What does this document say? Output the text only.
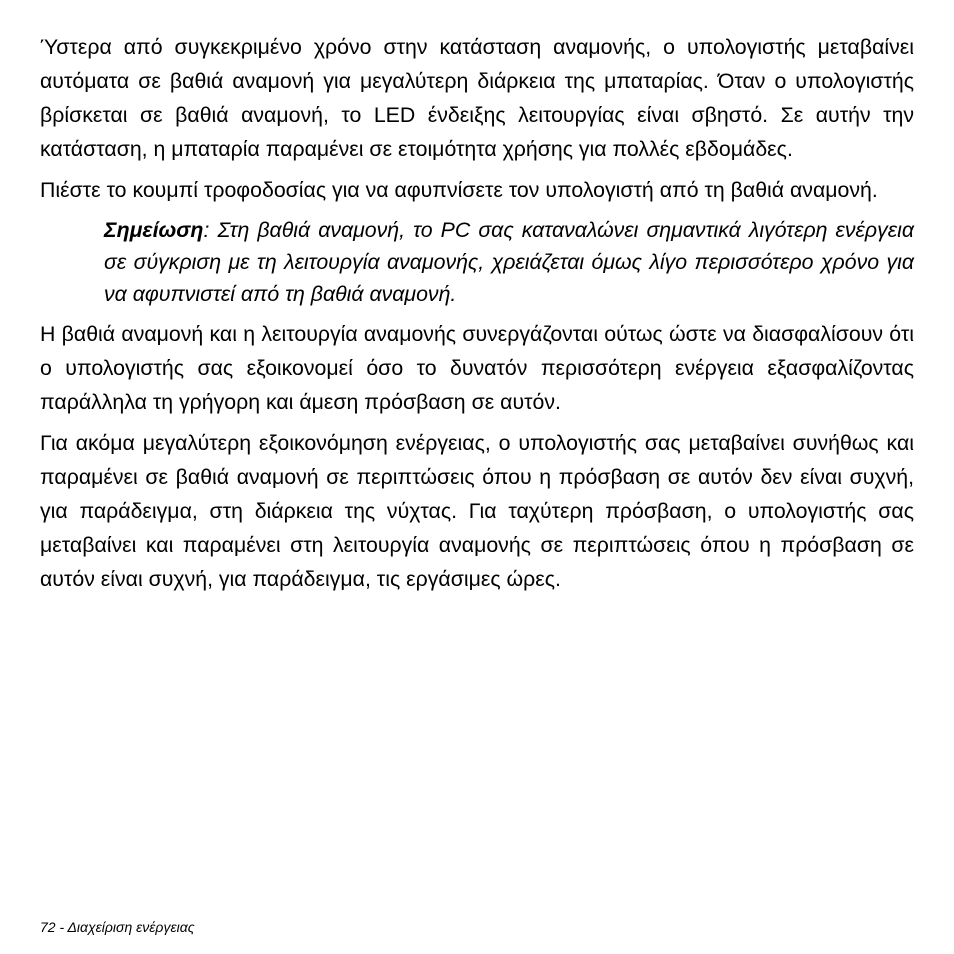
Ύστερα από συγκεκριμένο χρόνο στην κατάσταση αναμονής, ο υπολογιστής μεταβαίνει αυτόματα σε βαθιά αναμονή για μεγαλύτερη διάρκεια της μπαταρίας. Όταν ο υπολογιστής βρίσκεται σε βαθιά αναμονή, το LED ένδειξης λειτουργίας είναι σβηστό. Σε αυτήν την κατάσταση, η μπαταρία παραμένει σε ετοιμότητα χρήσης για πολλές εβδομάδες.

Πιέστε το κουμπί τροφοδοσίας για να αφυπνίσετε τον υπολογιστή από τη βαθιά αναμονή.

Σημείωση: Στη βαθιά αναμονή, το PC σας καταναλώνει σημαντικά λιγότερη ενέργεια σε σύγκριση με τη λειτουργία αναμονής, χρειάζεται όμως λίγο περισσότερο χρόνο για να αφυπνιστεί από τη βαθιά αναμονή.

Η βαθιά αναμονή και η λειτουργία αναμονής συνεργάζονται ούτως ώστε να διασφαλίσουν ότι ο υπολογιστής σας εξοικονομεί όσο το δυνατόν περισσότερη ενέργεια εξασφαλίζοντας παράλληλα τη γρήγορη και άμεση πρόσβαση σε αυτόν.

Για ακόμα μεγαλύτερη εξοικονόμηση ενέργειας, ο υπολογιστής σας μεταβαίνει συνήθως και παραμένει σε βαθιά αναμονή σε περιπτώσεις όπου η πρόσβαση σε αυτόν δεν είναι συχνή, για παράδειγμα, στη διάρκεια της νύχτας. Για ταχύτερη πρόσβαση, ο υπολογιστής σας μεταβαίνει και παραμένει στη λειτουργία αναμονής σε περιπτώσεις όπου η πρόσβαση σε αυτόν είναι συχνή, για παράδειγμα, τις εργάσιμες ώρες.

72 - Διαχείριση ενέργειας
